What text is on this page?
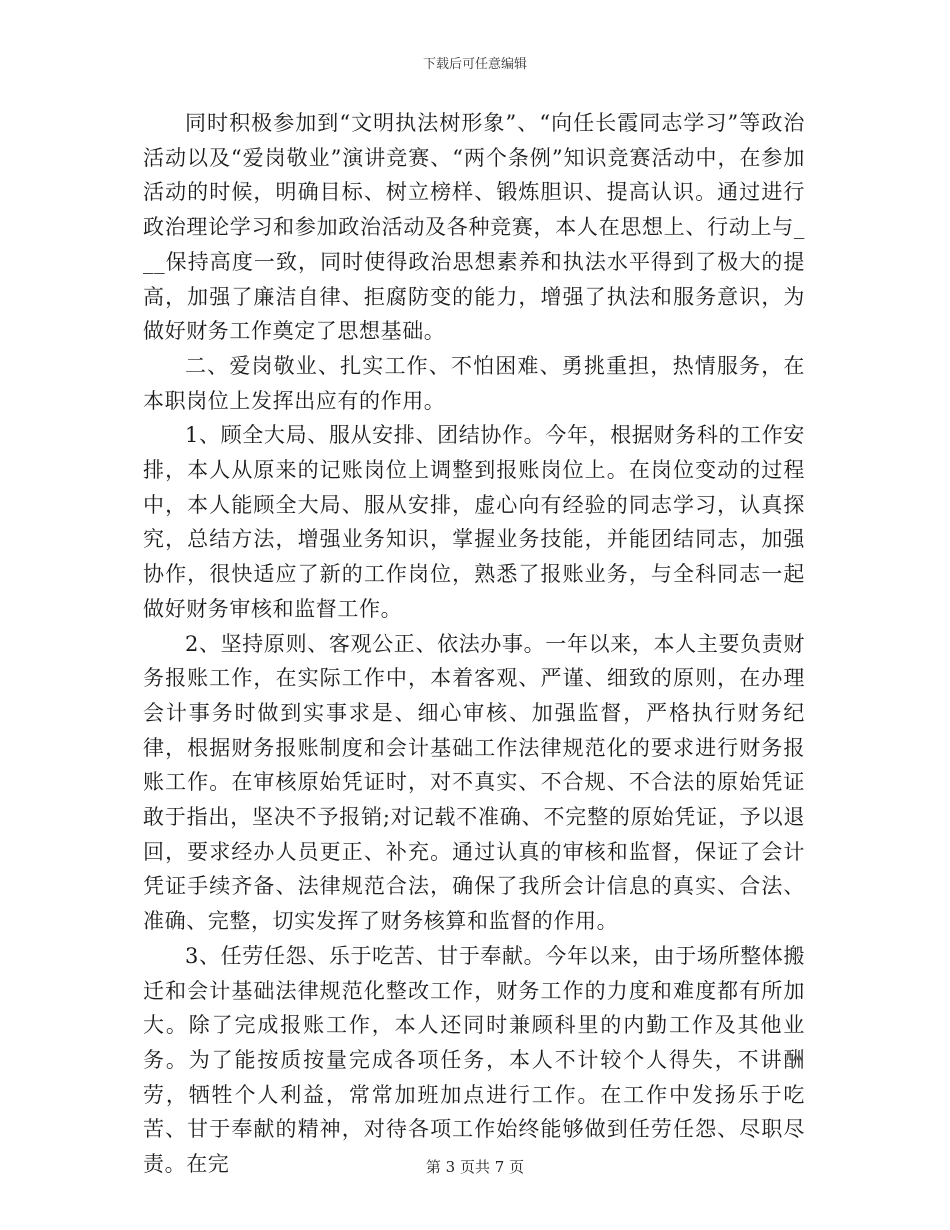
下载后可任意编辑

同时积极参加到“文明执法树形象”、“向任长霞同志学习”等政治活动以及“爱岗敬业”演讲竞赛、“两个条例”知识竞赛活动中，在参加活动的时候，明确目标、树立榜样、锻炼胆识、提高认识。通过进行政治理论学习和参加政治活动及各种竞赛，本人在思想上、行动上与___保持高度一致，同时使得政治思想素养和执法水平得到了极大的提高，加强了廉洁自律、拒腐防变的能力，增强了执法和服务意识，为做好财务工作奠定了思想基础。

二、爱岗敬业、扎实工作、不怕困难、勇挑重担，热情服务，在本职岗位上发挥出应有的作用。

1、顾全大局、服从安排、团结协作。今年，根据财务科的工作安排，本人从原来的记账岗位上调整到报账岗位上。在岗位变动的过程中，本人能顾全大局、服从安排，虚心向有经验的同志学习，认真探究，总结方法，增强业务知识，掌握业务技能，并能团结同志，加强协作，很快适应了新的工作岗位，熟悉了报账业务，与全科同志一起做好财务审核和监督工作。

2、坚持原则、客观公正、依法办事。一年以来，本人主要负责财务报账工作，在实际工作中，本着客观、严谨、细致的原则，在办理会计事务时做到实事求是、细心审核、加强监督，严格执行财务纪律，根据财务报账制度和会计基础工作法律规范化的要求进行财务报账工作。在审核原始凭证时，对不真实、不合规、不合法的原始凭证敢于指出，坚决不予报销;对记载不准确、不完整的原始凭证，予以退回，要求经办人员更正、补充。通过认真的审核和监督，保证了会计凭证手续齐备、法律规范合法，确保了我所会计信息的真实、合法、准确、完整，切实发挥了财务核算和监督的作用。

3、任劳任怨、乐于吃苦、甘于奉献。今年以来，由于场所整体搬迁和会计基础法律规范化整改工作，财务工作的力度和难度都有所加大。除了完成报账工作，本人还同时兼顾科里的内勤工作及其他业务。为了能按质按量完成各项任务，本人不计较个人得失，不讲酬劳，牺牲个人利益，常常加班加点进行工作。在工作中发扬乐于吃苦、甘于奉献的精神，对待各项工作始终能够做到任劳任怨、尽职尽责。在完	第 3 页共 7 页
